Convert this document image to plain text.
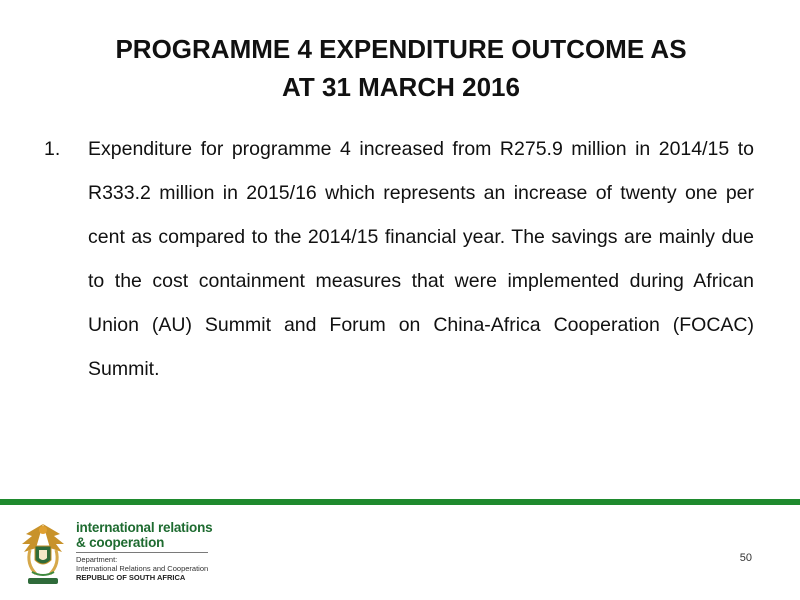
PROGRAMME 4 EXPENDITURE OUTCOME AS
AT 31 MARCH 2016
1.	Expenditure for programme 4 increased from R275.9 million in 2014/15 to R333.2 million in 2015/16 which represents an increase of twenty one per cent as compared to the 2014/15 financial year. The savings are mainly due to the cost containment measures that were implemented during African Union (AU) Summit and Forum on China-Africa Cooperation (FOCAC) Summit.
international relations
& cooperation
Department:
International Relations and Cooperation
REPUBLIC OF SOUTH AFRICA
50
